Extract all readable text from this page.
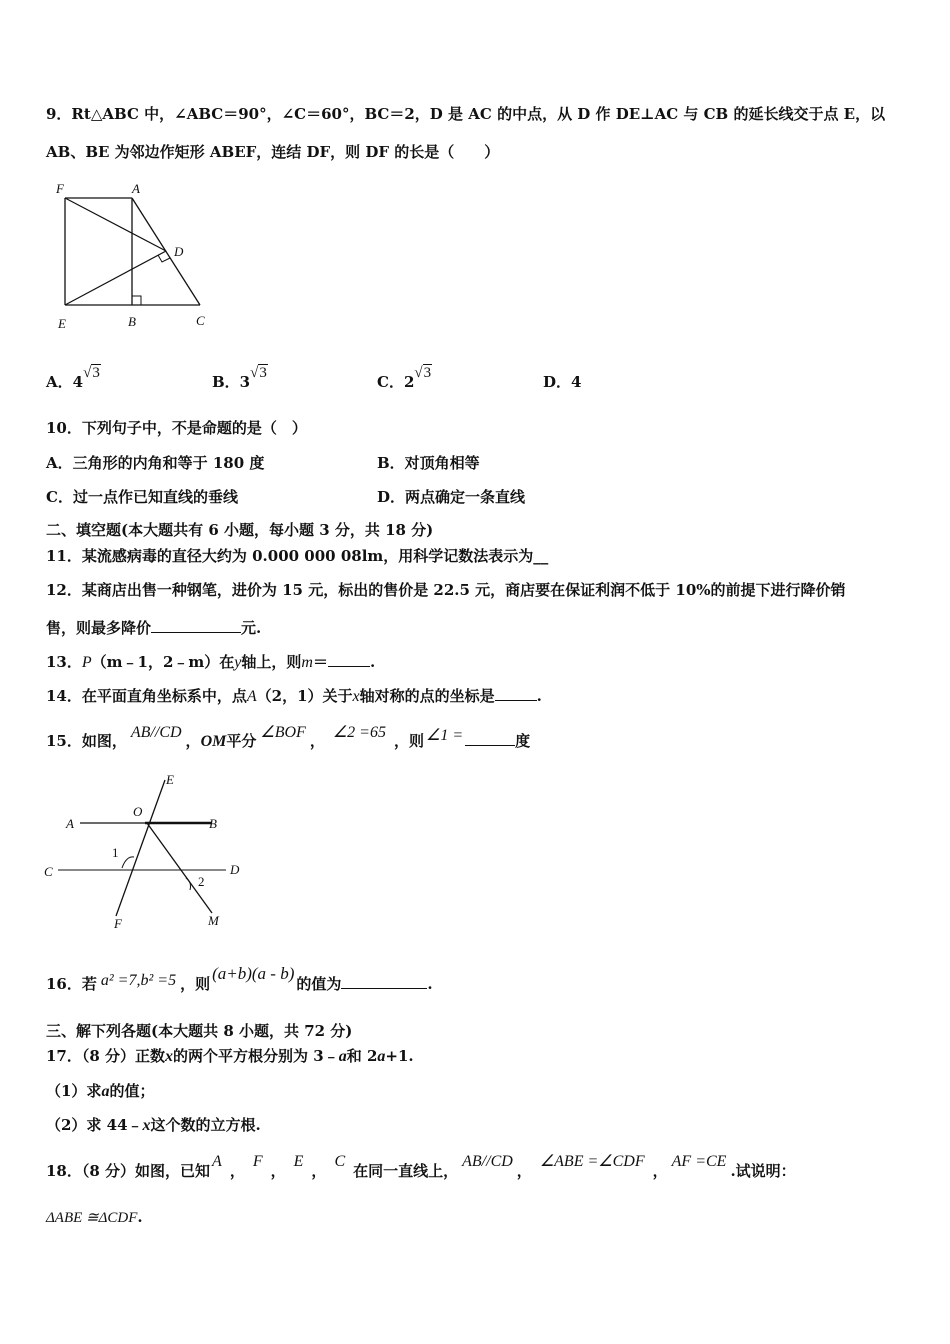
9．Rt△ABC 中，∠ABC＝90°，∠C＝60°，BC＝2，D 是 AC 的中点，从 D 作 DE⊥AC 与 CB 的延长线交于点 E，以
AB、BE 为邻边作矩形 ABEF，连结 DF，则 DF 的长是（　　）
F	A
D
E	B	C
A．4√3	B．3√3	C．2√3	D．4
10．下列句子中，不是命题的是（　）
A．三角形的内角和等于 180 度	B．对顶角相等
C．过一点作已知直线的垂线	D．两点确定一条直线
二、填空题(本大题共有 6 小题，每小题 3 分，共 18 分)
11．某流感病毒的直径大约为 0.000 000 08lm，用科学记数法表示为__
12．某商店出售一种钢笔，进价为 15 元，标出的售价是 22.5 元，商店要在保证利润不低于 10%的前提下进行降价销
售，则最多降价	元.
13．P（m﹣1，2﹣m）在y轴上，则m＝	.
14．在平面直角坐标系中，点A（2，1）关于x轴对称的点的坐标是	.
15．如图， AB//CD ，OM平分 ∠BOF ， ∠2 =65 ，则 ∠1 =	度
E
O
A	B
C	D
1
2
F	M
16．若 a² =7,b² =5 ，则(a+b)(a - b)的值为	.
三、解下列各题(本大题共 8 小题，共 72 分)
17．（8 分）正数x的两个平方根分别为 3﹣a和 2a+1.
（1）求a的值；
（2）求 44﹣x这个数的立方根.
18．（8 分）如图，已知A，F，E，C在同一直线上，AB//CD，∠ABE =∠CDF，AF =CE.试说明：
ΔABE ≅ΔCDF.
